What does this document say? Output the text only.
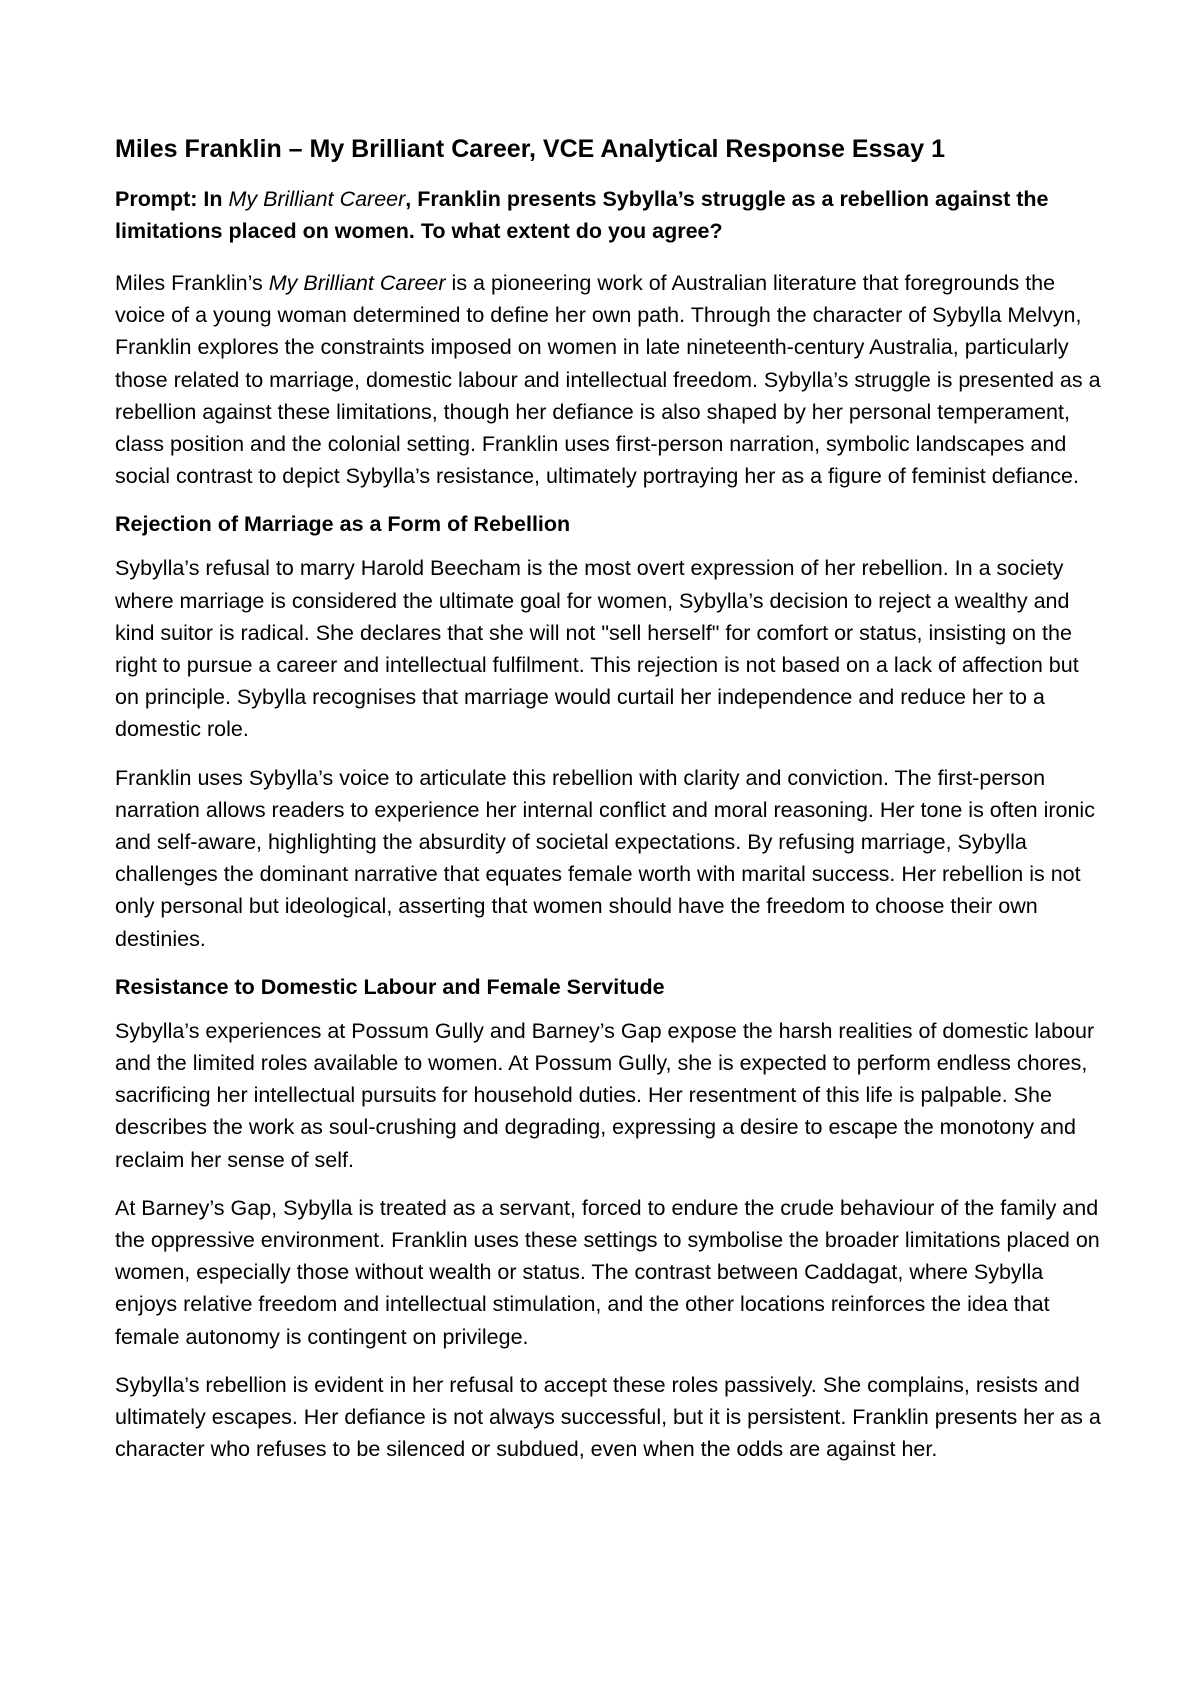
Miles Franklin – My Brilliant Career, VCE Analytical Response Essay 1

Prompt: In My Brilliant Career, Franklin presents Sybylla’s struggle as a rebellion against the limitations placed on women. To what extent do you agree?

Miles Franklin’s My Brilliant Career is a pioneering work of Australian literature that foregrounds the voice of a young woman determined to define her own path. Through the character of Sybylla Melvyn, Franklin explores the constraints imposed on women in late nineteenth-century Australia, particularly those related to marriage, domestic labour and intellectual freedom. Sybylla’s struggle is presented as a rebellion against these limitations, though her defiance is also shaped by her personal temperament, class position and the colonial setting. Franklin uses first-person narration, symbolic landscapes and social contrast to depict Sybylla’s resistance, ultimately portraying her as a figure of feminist defiance.

Rejection of Marriage as a Form of Rebellion

Sybylla’s refusal to marry Harold Beecham is the most overt expression of her rebellion. In a society where marriage is considered the ultimate goal for women, Sybylla’s decision to reject a wealthy and kind suitor is radical. She declares that she will not "sell herself" for comfort or status, insisting on the right to pursue a career and intellectual fulfilment. This rejection is not based on a lack of affection but on principle. Sybylla recognises that marriage would curtail her independence and reduce her to a domestic role.

Franklin uses Sybylla’s voice to articulate this rebellion with clarity and conviction. The first-person narration allows readers to experience her internal conflict and moral reasoning. Her tone is often ironic and self-aware, highlighting the absurdity of societal expectations. By refusing marriage, Sybylla challenges the dominant narrative that equates female worth with marital success. Her rebellion is not only personal but ideological, asserting that women should have the freedom to choose their own destinies.

Resistance to Domestic Labour and Female Servitude

Sybylla’s experiences at Possum Gully and Barney’s Gap expose the harsh realities of domestic labour and the limited roles available to women. At Possum Gully, she is expected to perform endless chores, sacrificing her intellectual pursuits for household duties. Her resentment of this life is palpable. She describes the work as soul-crushing and degrading, expressing a desire to escape the monotony and reclaim her sense of self.

At Barney’s Gap, Sybylla is treated as a servant, forced to endure the crude behaviour of the family and the oppressive environment. Franklin uses these settings to symbolise the broader limitations placed on women, especially those without wealth or status. The contrast between Caddagat, where Sybylla enjoys relative freedom and intellectual stimulation, and the other locations reinforces the idea that female autonomy is contingent on privilege.

Sybylla’s rebellion is evident in her refusal to accept these roles passively. She complains, resists and ultimately escapes. Her defiance is not always successful, but it is persistent. Franklin presents her as a character who refuses to be silenced or subdued, even when the odds are against her.
